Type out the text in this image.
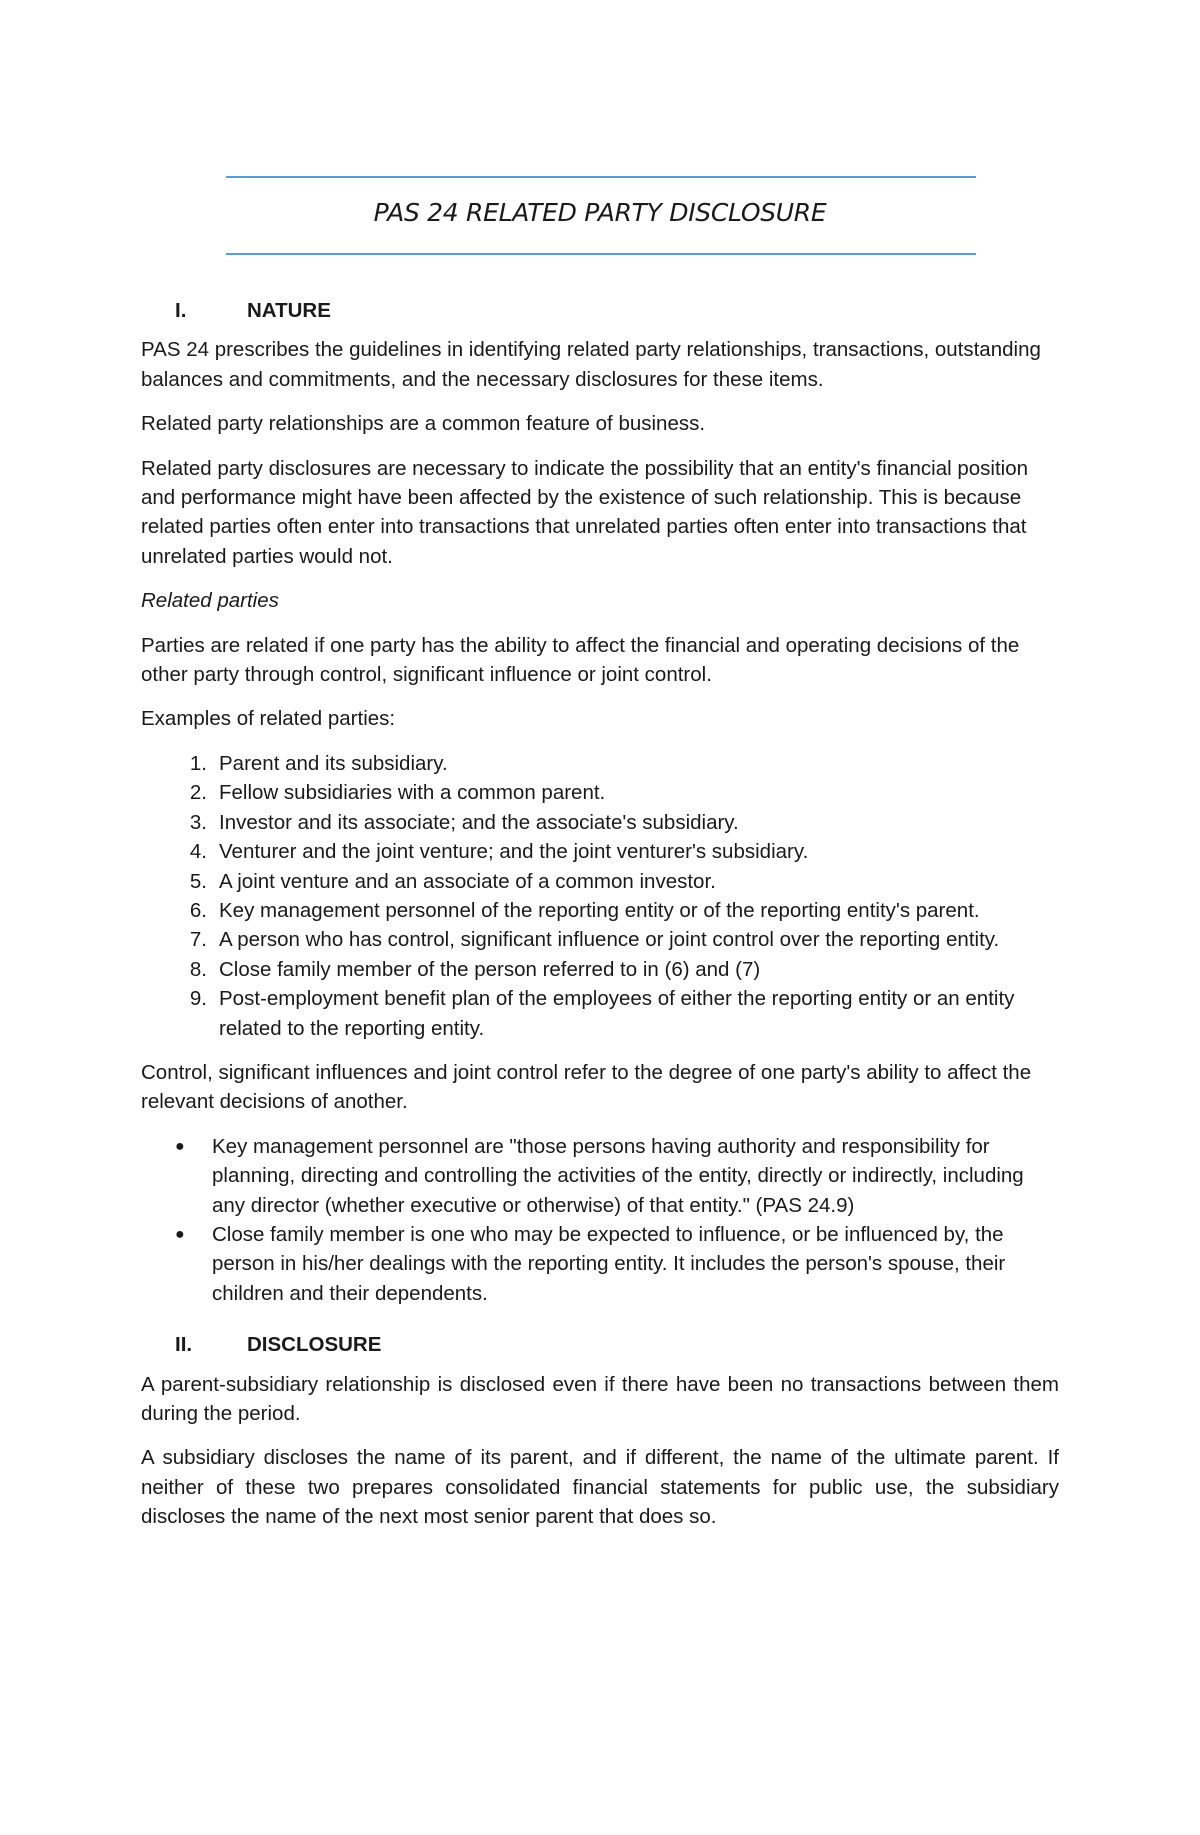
PAS 24 RELATED PARTY DISCLOSURE
I.	NATURE

PAS 24 prescribes the guidelines in identifying related party relationships, transactions, outstanding balances and commitments, and the necessary disclosures for these items.

Related party relationships are a common feature of business.

Related party disclosures are necessary to indicate the possibility that an entity's financial position and performance might have been affected by the existence of such relationship. This is because related parties often enter into transactions that unrelated parties often enter into transactions that unrelated parties would not.

Related parties

Parties are related if one party has the ability to affect the financial and operating decisions of the other party through control, significant influence or joint control.

Examples of related parties:

1. Parent and its subsidiary.
2. Fellow subsidiaries with a common parent.
3. Investor and its associate; and the associate's subsidiary.
4. Venturer and the joint venture; and the joint venturer's subsidiary.
5. A joint venture and an associate of a common investor.
6. Key management personnel of the reporting entity or of the reporting entity's parent.
7. A person who has control, significant influence or joint control over the reporting entity.
8. Close family member of the person referred to in (6) and (7)
9. Post-employment benefit plan of the employees of either the reporting entity or an entity related to the reporting entity.

Control, significant influences and joint control refer to the degree of one party's ability to affect the relevant decisions of another.

●	Key management personnel are "those persons having authority and responsibility for planning, directing and controlling the activities of the entity, directly or indirectly, including any director (whether executive or otherwise) of that entity." (PAS 24.9)
●	Close family member is one who may be expected to influence, or be influenced by, the person in his/her dealings with the reporting entity. It includes the person's spouse, their children and their dependents.
II.	DISCLOSURE

A parent-subsidiary relationship is disclosed even if there have been no transactions between them during the period.

A subsidiary discloses the name of its parent, and if different, the name of the ultimate parent. If neither of these two prepares consolidated financial statements for public use, the subsidiary discloses the name of the next most senior parent that does so.
